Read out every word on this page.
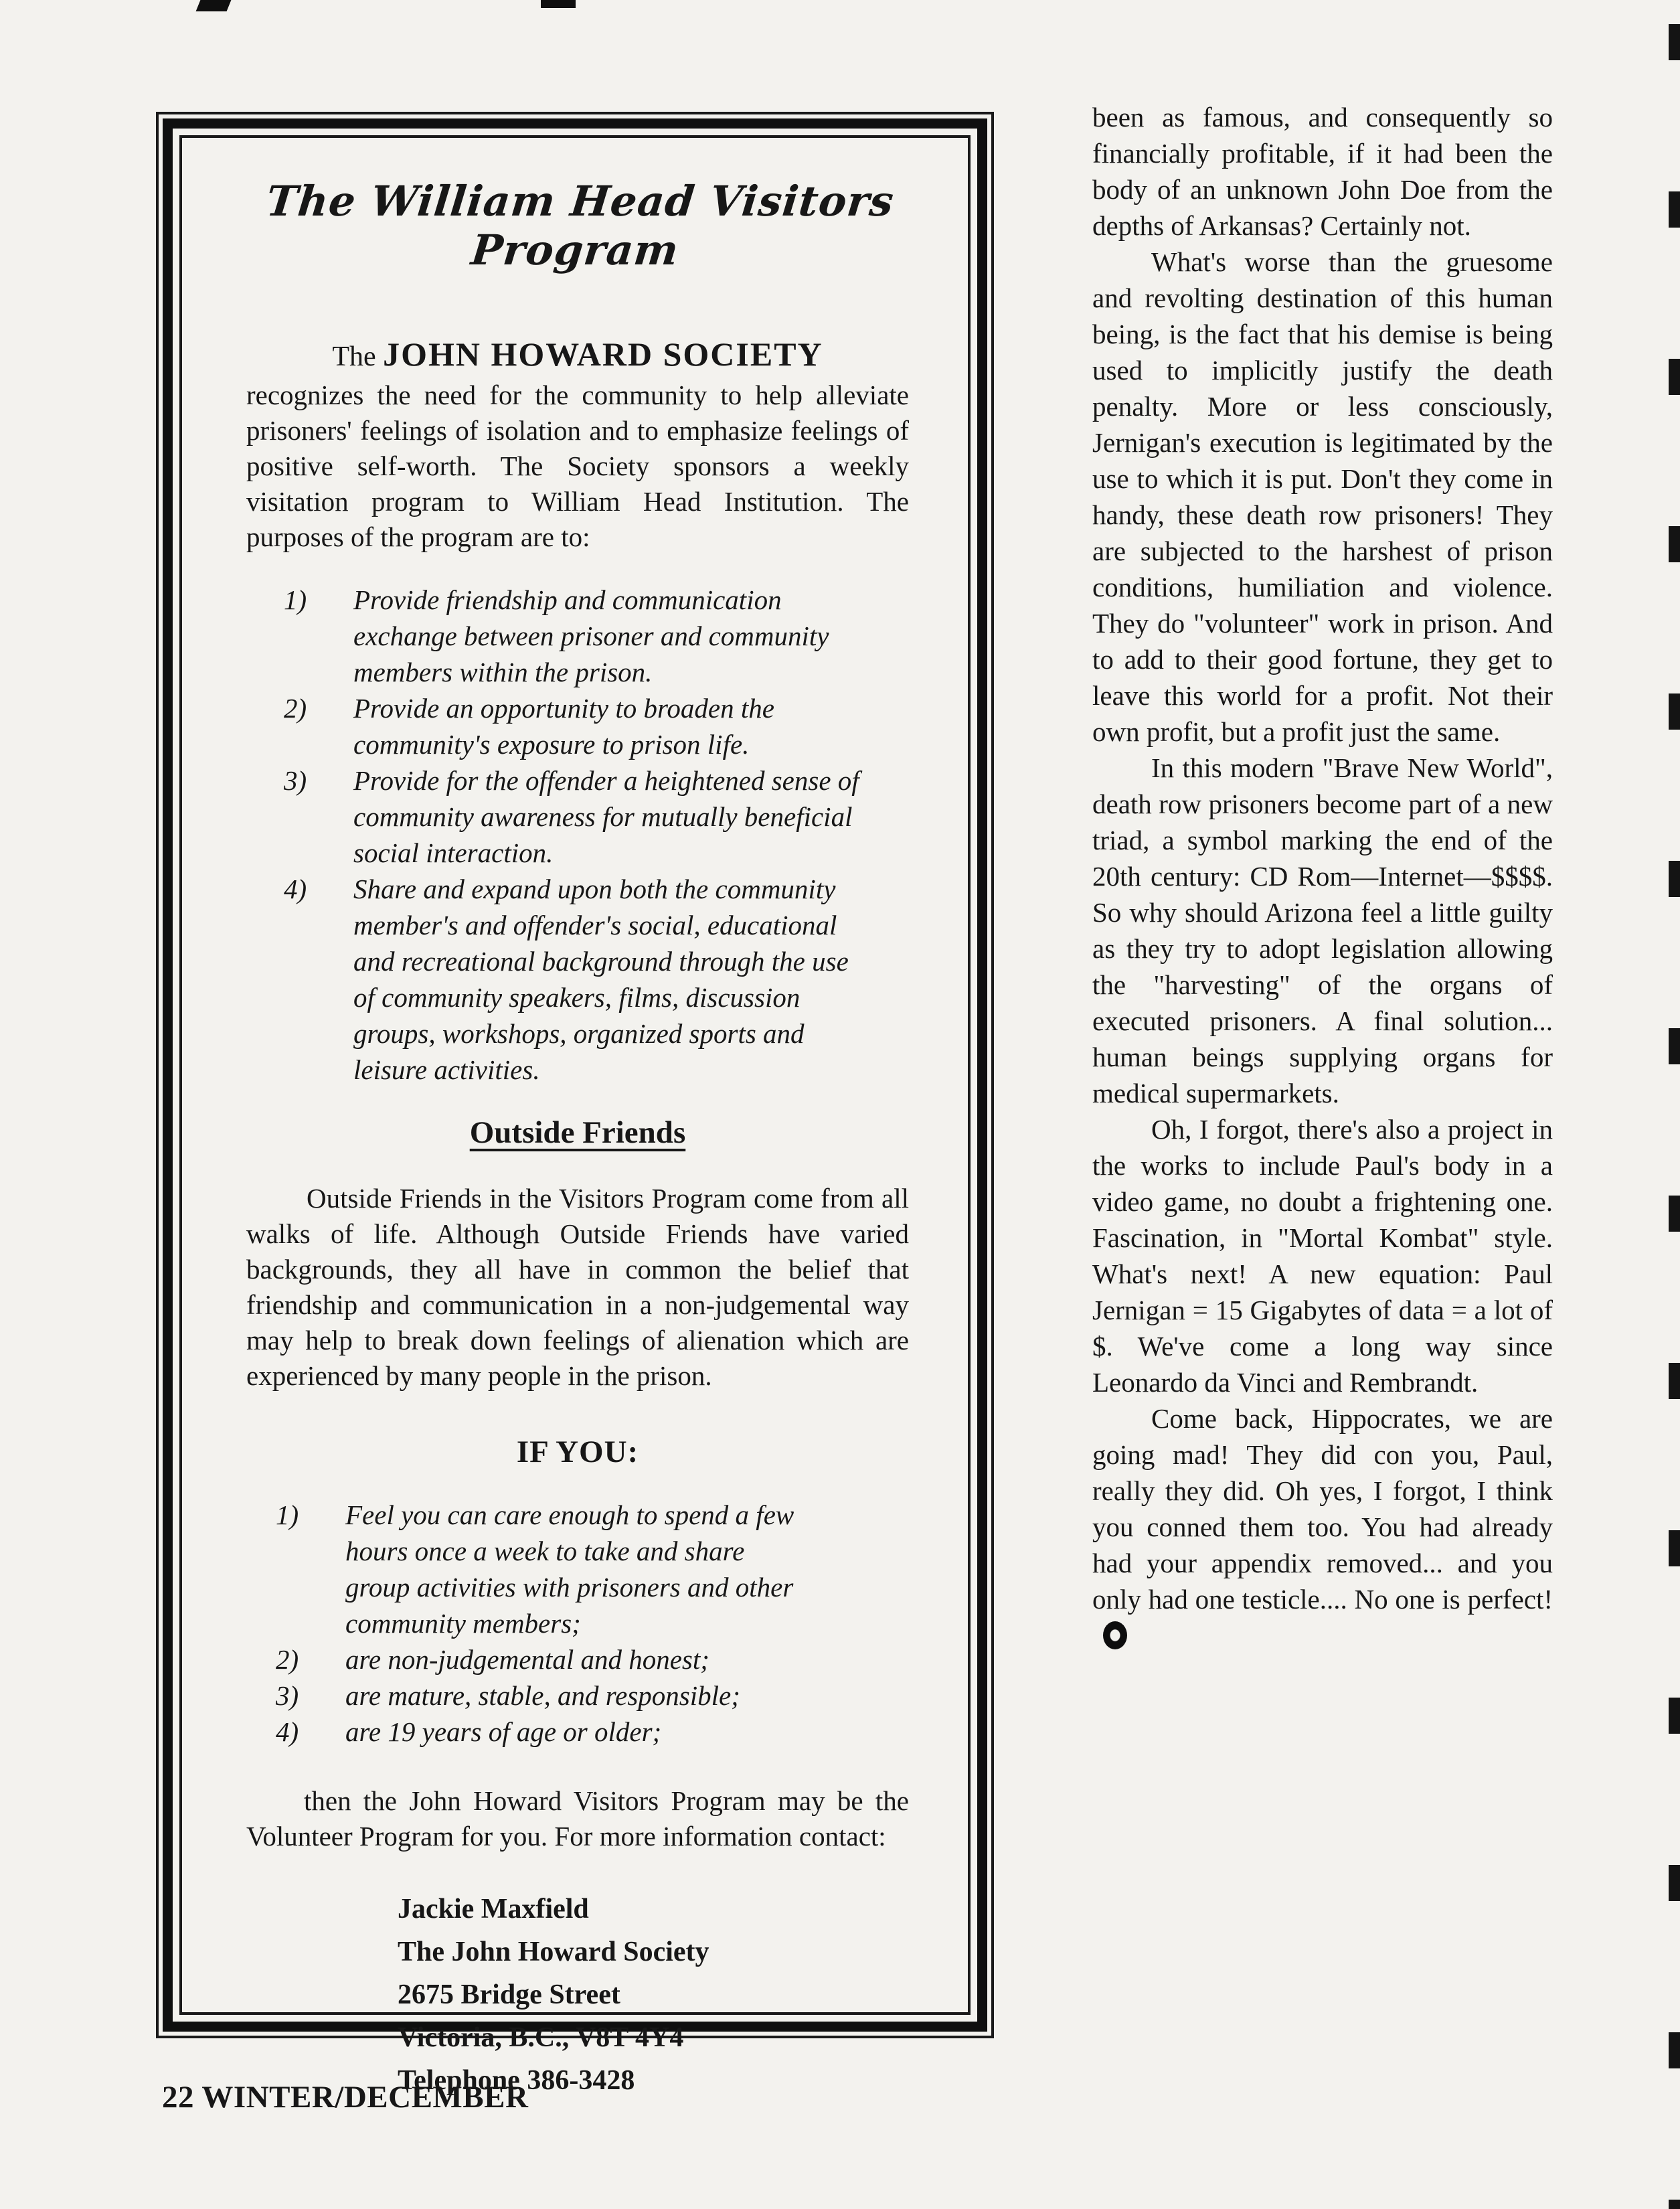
The William Head Visitors Program
The JOHN HOWARD SOCIETY

recognizes the need for the community to help alleviate prisoners' feelings of isolation and to emphasize feelings of positive self-worth. The Society sponsors a weekly visitation program to William Head Institution. The purposes of the program are to:

1)	Provide friendship and communication exchange between prisoner and community members within the prison.
2)	Provide an opportunity to broaden the community's exposure to prison life.
3)	Provide for the offender a heightened sense of community awareness for mutually beneficial social interaction.
4)	Share and expand upon both the community member's and offender's social, educational and recreational background through the use of community speakers, films, discussion groups, workshops, organized sports and leisure activities.
Outside Friends

Outside Friends in the Visitors Program come from all walks of life. Although Outside Friends have varied backgrounds, they all have in common the belief that friendship and communication in a non-judgemental way may help to break down feelings of alienation which are experienced by many people in the prison.

IF YOU:
1)	Feel you can care enough to spend a few hours once a week to take and share group activities with prisoners and other community members;
2)	are non-judgemental and honest;
3)	are mature, stable, and responsible;
4)	are 19 years of age or older;

then the John Howard Visitors Program may be the Volunteer Program for you. For more information contact:

Jackie Maxfield
The John Howard Society
2675 Bridge Street
Victoria, B.C., V8T 4Y4
Telephone 386-3428

been as famous, and consequently so financially profitable, if it had been the body of an unknown John Doe from the depths of Arkansas? Certainly not.

What's worse than the gruesome and revolting destination of this human being, is the fact that his demise is being used to implicitly justify the death penalty. More or less consciously, Jernigan's execution is legitimated by the use to which it is put. Don't they come in handy, these death row prisoners! They are subjected to the harshest of prison conditions, humiliation and violence. They do "volunteer" work in prison. And to add to their good fortune, they get to leave this world for a profit. Not their own profit, but a profit just the same.

In this modern "Brave New World", death row prisoners become part of a new triad, a symbol marking the end of the 20th century: CD Rom—Internet—$$$$. So why should Arizona feel a little guilty as they try to adopt legislation allowing the "harvesting" of the organs of executed prisoners. A final solution... human beings supplying organs for medical supermarkets.

Oh, I forgot, there's also a project in the works to include Paul's body in a video game, no doubt a frightening one. Fascination, in "Mortal Kombat" style. What's next! A new equation: Paul Jernigan = 15 Gigabytes of data = a lot of $. We've come a long way since Leonardo da Vinci and Rembrandt.

Come back, Hippocrates, we are going mad! They did con you, Paul, really they did. Oh yes, I forgot, I think you conned them too. You had already had your appendix removed... and you only had one testicle.... No one is perfect!

22 WINTER/DECEMBER
